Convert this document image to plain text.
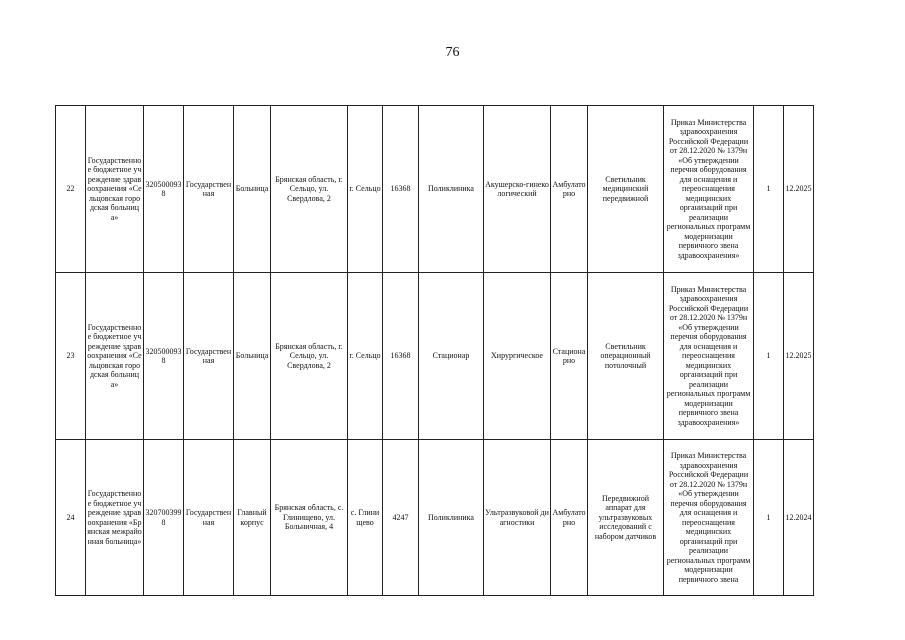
76
22	Государственное бюджетное учреждение здравоохранения «Сельцовская городская больница»	3205000938	Государственная	Больница	Брянская область, г. Сельцо, ул. Свердлова, 2	г. Сельцо	16368	Поликлиника	Акушерско-гинекологический	Амбулаторно	Светильник медицинский передвижной	Приказ Министерства здравоохранения Российской Федерации от 28.12.2020 № 1379н «Об утверждении перечня оборудования для оснащения и переоснащения медицинских организаций при реализации региональных программ модернизации первичного звена здравоохранения»	1	12.2025
23	Государственное бюджетное учреждение здравоохранения «Сельцовская городская больница»	3205000938	Государственная	Больница	Брянская область, г. Сельцо, ул. Свердлова, 2	г. Сельцо	16368	Стационар	Хирургическое	Стационарно	Светильник операционный потолочный	Приказ Министерства здравоохранения Российской Федерации от 28.12.2020 № 1379н «Об утверждении перечня оборудования для оснащения и переоснащения медицинских организаций при реализации региональных программ модернизации первичного звена здравоохранения»	1	12.2025
24	Государственное бюджетное учреждение здравоохранения «Брянская межрайонная больница»	3207003998	Государственная	Главный корпус	Брянская область, с. Глинищево, ул. Больничная, 4	с. Глинищево	4247	Поликлиника	Ультразвуковой диагностики	Амбулаторно	Передвижной аппарат для ультразвуковых исследований с набором датчиков	Приказ Министерства здравоохранения Российской Федерации от 28.12.2020 № 1379н «Об утверждении перечня оборудования для оснащения и переоснащения медицинских организаций при реализации региональных программ модернизации первичного звена	1	12.2024
